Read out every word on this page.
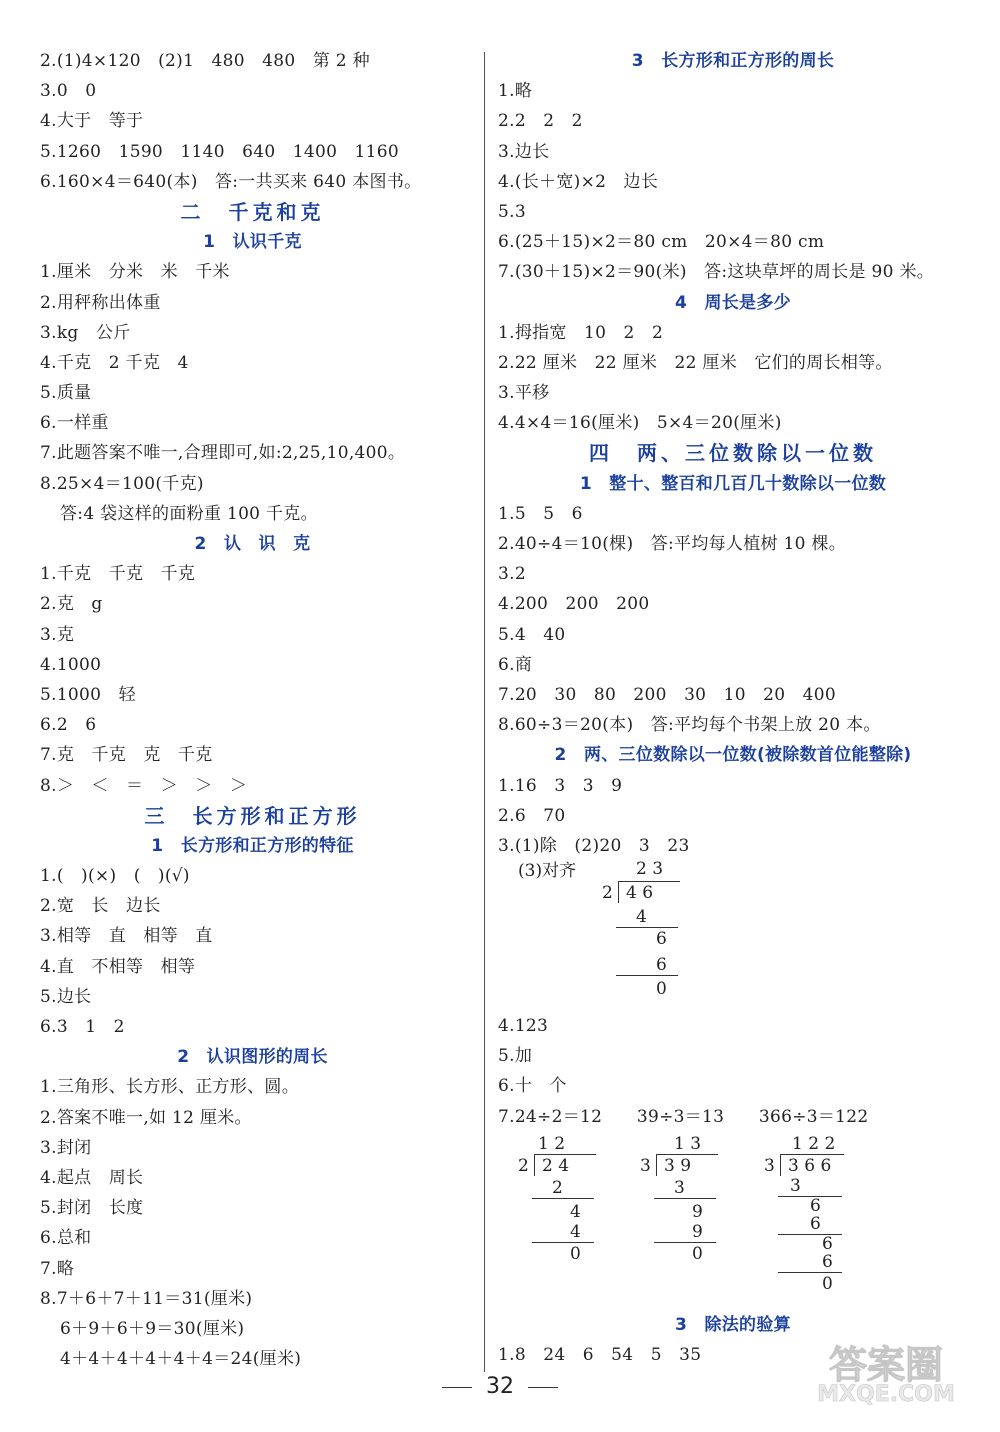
2.(1)4×120　(2)1　480　480　第 2 种
3.0　0
4.大于　等于
5.1260　1590　1140　640　1400　1160
6.160×4＝640(本)　答:一共买来 640 本图书。
二　千克和克
1　认识千克
1.厘米　分米　米　千米
2.用秤称出体重
3.kg　公斤
4.千克　2 千克　4
5.质量
6.一样重
7.此题答案不唯一,合理即可,如:2,25,10,400。
8.25×4＝100(千克)
答:4 袋这样的面粉重 100 千克。
2　认　识　克
1.千克　千克　千克
2.克　g
3.克
4.1000
5.1000　轻
6.2　6
7.克　千克　克　千克
8.＞　＜　＝　＞　＞　＞
三　长方形和正方形
1　长方形和正方形的特征
1.(　)(×)　(　)(√)
2.宽　长　边长
3.相等　直　相等　直
4.直　不相等　相等
5.边长
6.3　1　2
2　认识图形的周长
1.三角形、长方形、正方形、圆。
2.答案不唯一,如 12 厘米。
3.封闭
4.起点　周长
5.封闭　长度
6.总和
7.略
8.7＋6＋7＋11＝31(厘米)
6＋9＋6＋9＝30(厘米)
4＋4＋4＋4＋4＋4＝24(厘米)
3　长方形和正方形的周长
1.略
2.2　2　2
3.边长
4.(长＋宽)×2　边长
5.3
6.(25＋15)×2＝80 cm　20×4＝80 cm
7.(30＋15)×2＝90(米)　答:这块草坪的周长是 90 米。
4　周长是多少
1.拇指宽　10　2　2
2.22 厘米　22 厘米　22 厘米　它们的周长相等。
3.平移
4.4×4＝16(厘米)　5×4＝20(厘米)
四　两、三位数除以一位数
1　整十、整百和几百几十数除以一位数
1.5　5　6
2.40÷4＝10(棵)　答:平均每人植树 10 棵。
3.2
4.200　200　200
5.4　40
6.商
7.20　30　80　200　30　10　20　400
8.60÷3＝20(本)　答:平均每个书架上放 20 本。
2　两、三位数除以一位数(被除数首位能整除)
1.16　3　3　9
2.6　70
3.(1)除　(2)20　3　23
(3)对齐	2 3
2 4 6
4
6
6
0
4.123
5.加
6.十　个
7.24÷2＝12　　39÷3＝13　　366÷3＝122
1 2
2 2 4
2
4
4
0
1 3
3 3 9
3
9
9
0
1 2 2
3 3 6 6
3
6
6
6
6
0
3　除法的验算
1.8　24　6　54　5　35
32	答案圈
MXQE.COM
